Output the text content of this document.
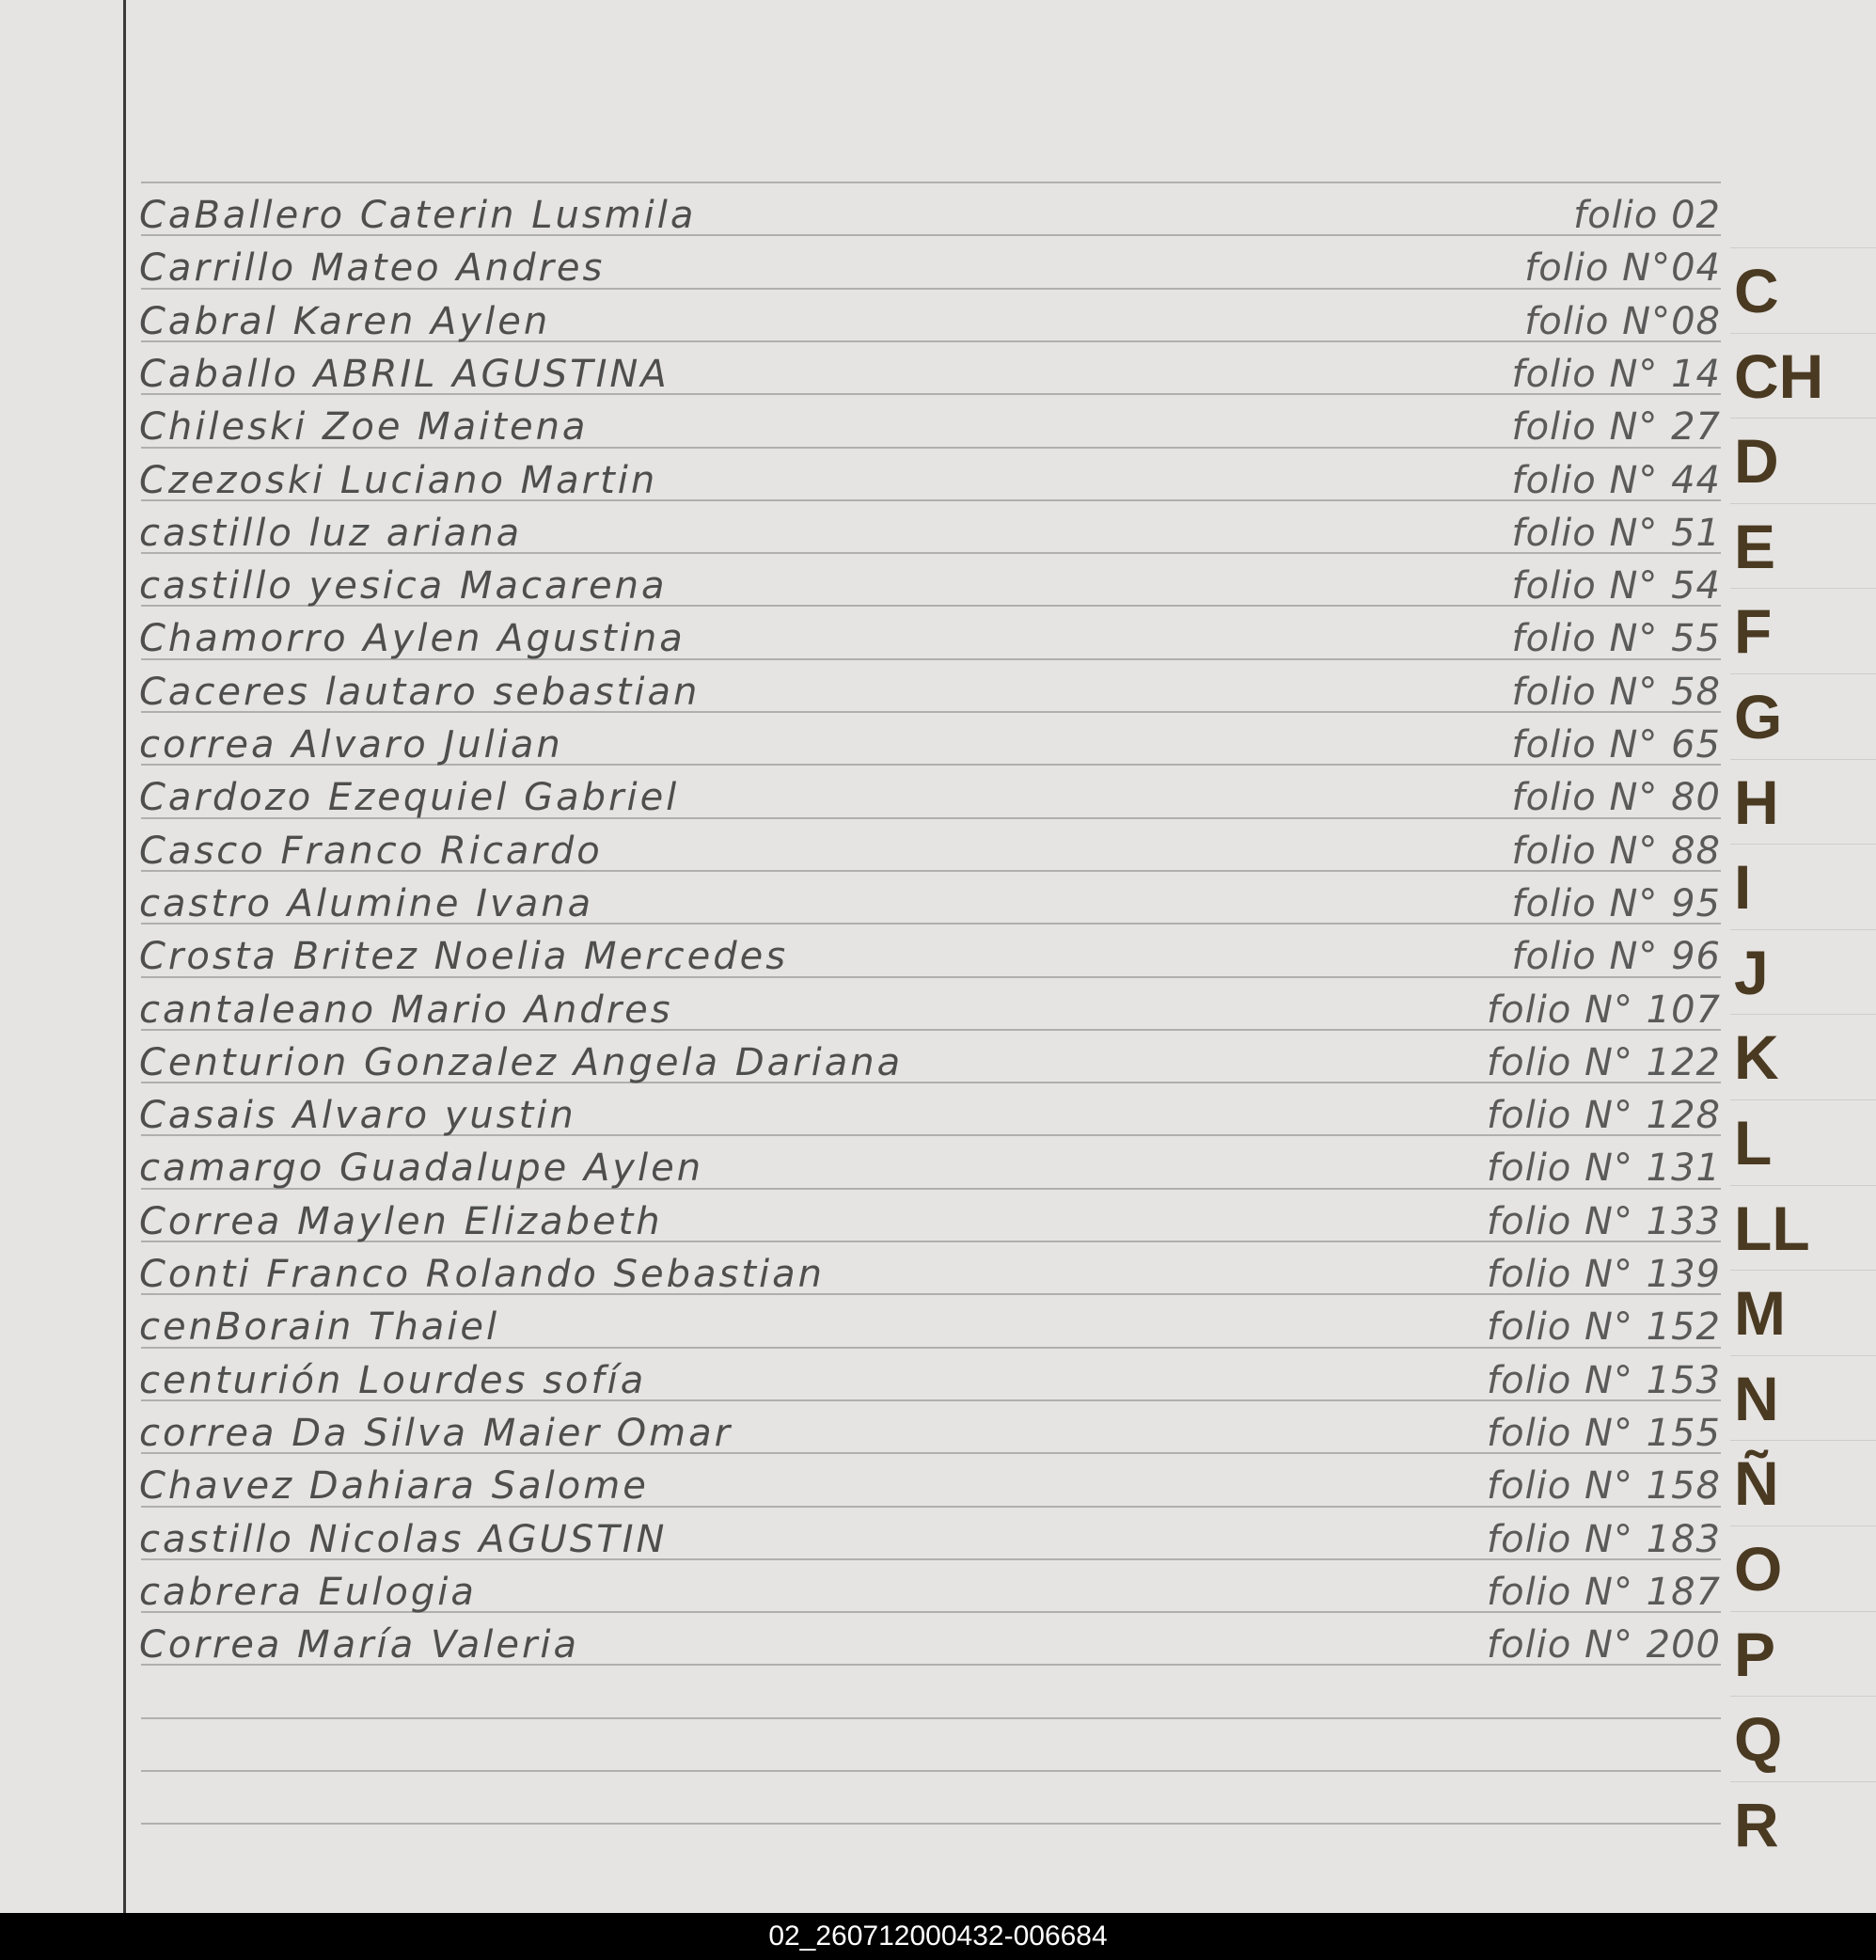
CaBallero Caterin Lusmila	folio 02
Carrillo Mateo Andres	folio N°04
Cabral Karen Aylen	folio N°08
Caballo ABRIL AGUSTINA	folio N° 14
Chileski Zoe Maitena	folio N° 27
Czezoski Luciano Martin	folio N° 44
castillo luz ariana	folio N° 51
castillo yesica Macarena	folio N° 54
Chamorro Aylen Agustina	folio N° 55
Caceres lautaro sebastian	folio N° 58
correa Alvaro Julian	folio N° 65
Cardozo Ezequiel Gabriel	folio N° 80
Casco Franco Ricardo	folio N° 88
castro Alumine Ivana	folio N° 95
Crosta Britez Noelia Mercedes	folio N° 96
cantaleano Mario Andres	folio N° 107
Centurion Gonzalez Angela Dariana	folio N° 122
Casais Alvaro yustin	folio N° 128
camargo Guadalupe Aylen	folio N° 131
Correa Maylen Elizabeth	folio N° 133
Conti Franco Rolando Sebastian	folio N° 139
cenBorain Thaiel	folio N° 152
centurión Lourdes sofía	folio N° 153
correa Da Silva Maier Omar	folio N° 155
Chavez Dahiara Salome	folio N° 158
castillo Nicolas AGUSTIN	folio N° 183
cabrera Eulogia	folio N° 187
Correa María Valeria	folio N° 200
C
CH
D
E
F
G
H
I
J
K
L
LL
M
N
Ñ
O
P
Q
R
02_260712000432-006684
